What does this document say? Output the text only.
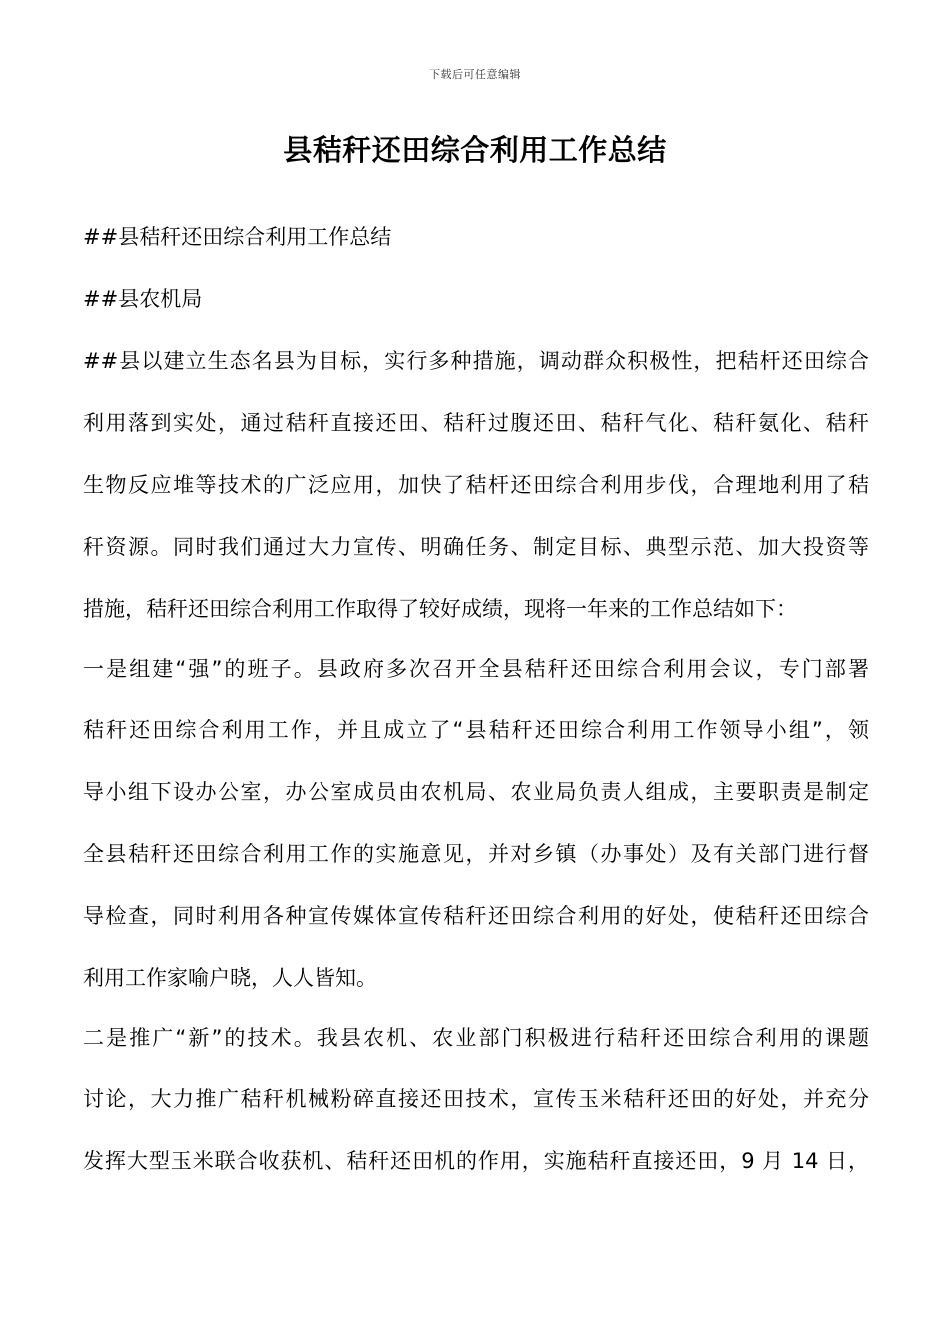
下载后可任意编辑
县秸秆还田综合利用工作总结
##县秸秆还田综合利用工作总结
##县农机局
##县以建立生态名县为目标，实行多种措施，调动群众积极性，把秸杆还田综合
利用落到实处，通过秸秆直接还田、秸秆过腹还田、秸秆气化、秸秆氨化、秸秆
生物反应堆等技术的广泛应用，加快了秸杆还田综合利用步伐，合理地利用了秸
秆资源。同时我们通过大力宣传、明确任务、制定目标、典型示范、加大投资等
措施，秸秆还田综合利用工作取得了较好成绩，现将一年来的工作总结如下：
一是组建“强”的班子。县政府多次召开全县秸秆还田综合利用会议，专门部署
秸秆还田综合利用工作，并且成立了“县秸秆还田综合利用工作领导小组”，领
导小组下设办公室，办公室成员由农机局、农业局负责人组成，主要职责是制定
全县秸秆还田综合利用工作的实施意见，并对乡镇（办事处）及有关部门进行督
导检查，同时利用各种宣传媒体宣传秸秆还田综合利用的好处，使秸秆还田综合
利用工作家喻户晓，人人皆知。
二是推广“新”的技术。我县农机、农业部门积极进行秸秆还田综合利用的课题
讨论，大力推广秸秆机械粉碎直接还田技术，宣传玉米秸秆还田的好处，并充分
发挥大型玉米联合收获机、秸秆还田机的作用，实施秸秆直接还田，9 月 14 日，
